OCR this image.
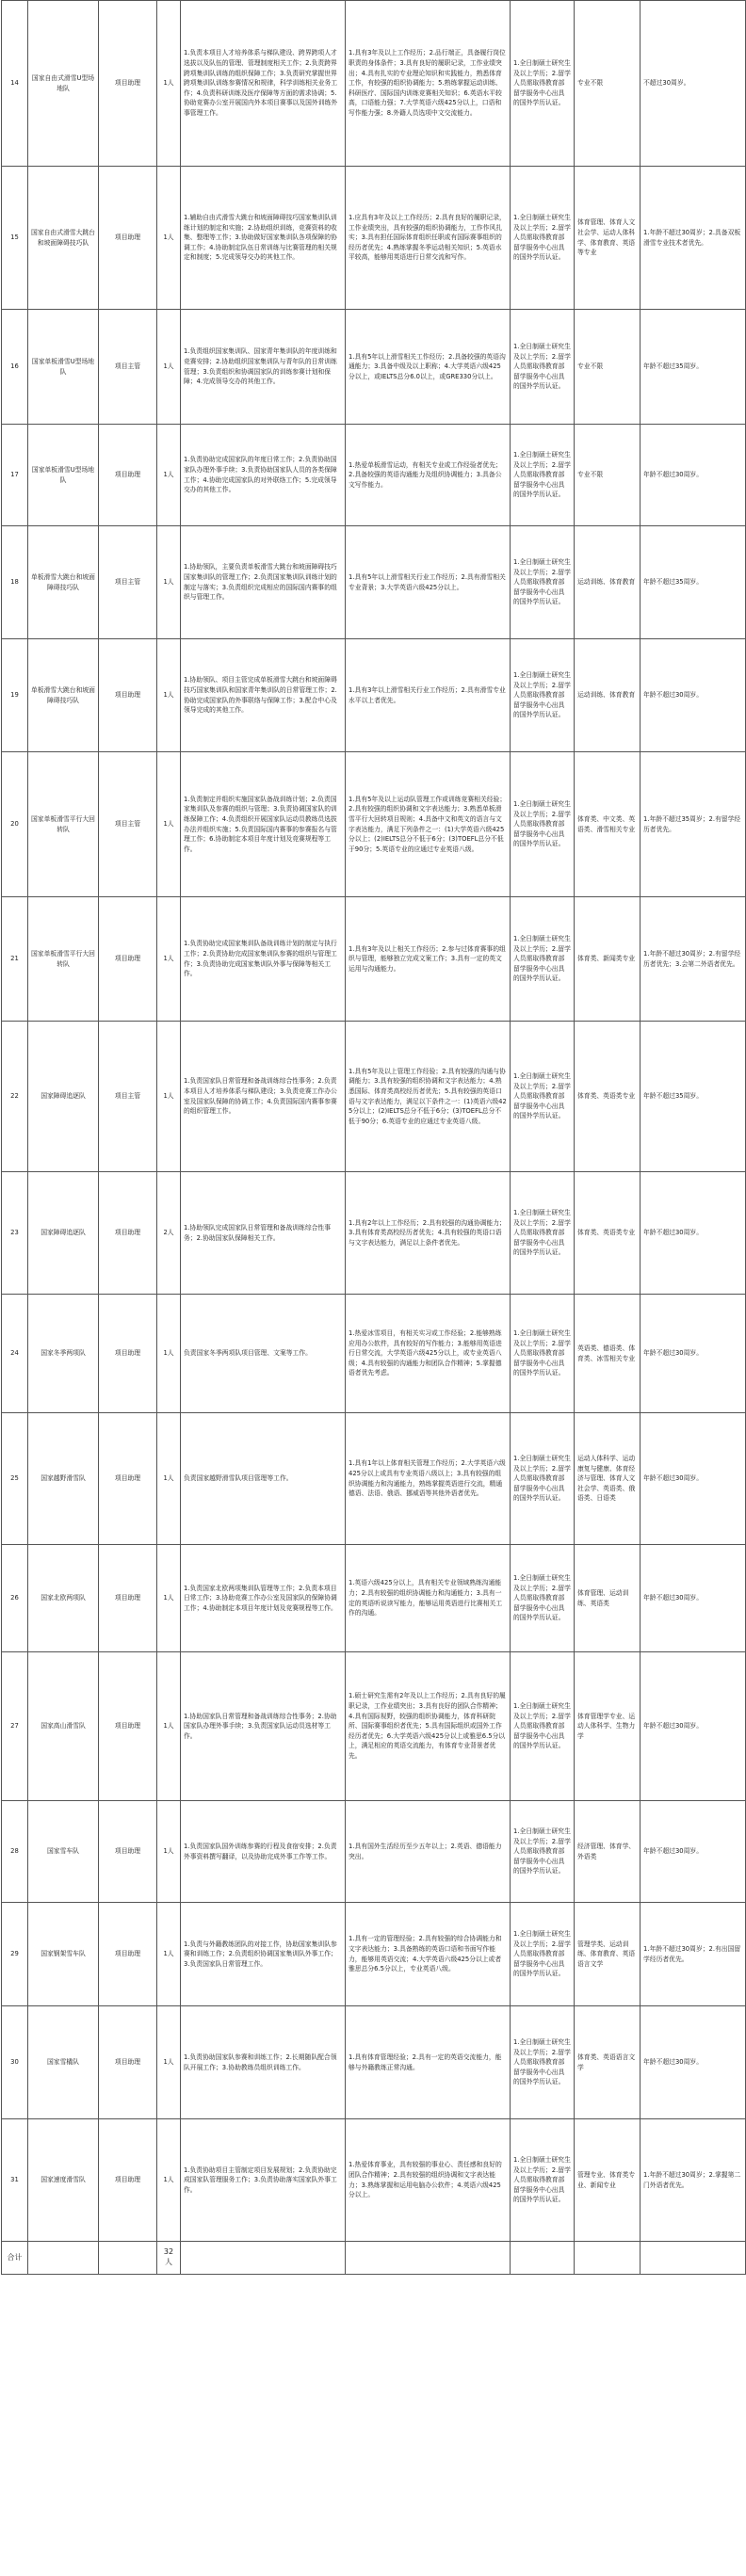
14	国家自由式滑雪U型场地队	项目助理	1人	1.负责本项目人才培养体系与梯队建设、跨界跨项人才选拔以及队伍的管理、管理制度相关工作；2.负责跨界跨项集训队训练的组织保障工作；3.负责研究掌握世界跨项集训队训练参赛情况和规律，科学训练相关业务工作；4.负责科研训练及医疗保障等方面的需求协调；5.协助竞赛办公室开展国内外本项目赛事以及国外训练外事管理工作。	1.具有3年及以上工作经历；2.品行端正，具备履行岗位职责的身体条件；3.具有良好的履职记录，工作业绩突出；4.具有扎实的专业理论知识和实践能力，熟悉体育工作，有较强的组织协调能力；5.熟练掌握运动训练、科研医疗、国际国内训练竞赛相关知识；6.英语水平较高，口语能力强；7.大学英语六级425分以上，口语和写作能力强；8.外籍人员选项中文交流能力。	1.全日制硕士研究生及以上学历；2.留学人员需取得教育部留学服务中心出具的国外学历认证。	专业不限	不超过30周岁。
15	国家自由式滑雪大跳台和坡面障碍技巧队	项目助理	1人	1.辅助自由式滑雪大跳台和坡面障碍技巧国家集训队训练计划的制定和实施；2.协助组织训练，竞赛资料的收集、整理等工作；3.协助做好国家集训队各项保障的协调工作；4.协助制定队伍日常训练与比赛管理的相关规定和制度；5.完成领导交办的其他工作。	1.应具有3年及以上工作经历；2.具有良好的履职记录，工作业绩突出，具有较强的组织协调能力，工作作风扎实；3.具有担任国际体育组织任职或有国际赛事组织的经历者优先；4.熟练掌握冬季运动相关知识；5.英语水平较高，能够用英语进行日常交流和写作。	1.全日制硕士研究生及以上学历；2.留学人员需取得教育部留学服务中心出具的国外学历认证。	体育管理、体育人文社会学、运动人体科学、体育教育、英语等专业	1.年龄不超过30周岁；2.具备双板滑雪专业技术者优先。
16	国家单板滑雪U型场地队	项目主管	1人	1.负责组织国家集训队、国家青年集训队的年度训练和竞赛安排；2.协助组织国家集训队与青年队的日常训练管理；3.负责组织和协调国家队的训练参赛计划和保障；4.完成领导交办的其他工作。	1.具有5年以上滑雪相关工作经历；2.具备较强的英语沟通能力；3.具备中级及以上职称；4.大学英语六级425分以上，或IELTS总分6.0以上，或GRE330分以上。	1.全日制硕士研究生及以上学历；2.留学人员需取得教育部留学服务中心出具的国外学历认证。	专业不限	年龄不超过35周岁。
17	国家单板滑雪U型场地队	项目助理	1人	1.负责协助完成国家队的年度日常工作；2.负责协助国家队办理外事手续；3.负责协助国家队人员的各类保障工作；4.协助完成国家队的对外联络工作；5.完成领导交办的其他工作。	1.热爱单板滑雪运动，有相关专业或工作经验者优先；2.具备较强的英语沟通能力及组织协调能力；3.具备公文写作能力。	1.全日制硕士研究生及以上学历；2.留学人员需取得教育部留学服务中心出具的国外学历认证。	专业不限	年龄不超过30周岁。
18	单板滑雪大跳台和坡面障碍技巧队	项目主管	1人	1.协助领队，主要负责单板滑雪大跳台和坡面障碍技巧国家集训队的管理工作；2.负责国家集训队训练计划的制定与落实；3.负责组织完成相应的国际国内赛事的组织与管理工作。	1.具有5年以上滑雪相关行业工作经历；2.具有滑雪相关专业背景；3.大学英语六级425分以上。	1.全日制硕士研究生及以上学历；2.留学人员需取得教育部留学服务中心出具的国外学历认证。	运动训练、体育教育	年龄不超过35周岁。
19	单板滑雪大跳台和坡面障碍技巧队	项目助理	1人	1.协助领队、项目主管完成单板滑雪大跳台和坡面障碍技巧国家集训队和国家青年集训队的日常管理工作；2.协助完成国家队的外事联络与保障工作；3.配合中心及领导完成的其他工作。	1.具有3年以上滑雪相关行业工作经历；2.具有滑雪专业水平以上者优先。	1.全日制硕士研究生及以上学历；2.留学人员需取得教育部留学服务中心出具的国外学历认证。	运动训练、体育教育	年龄不超过30周岁。
20	国家单板滑雪平行大回转队	项目主管	1人	1.负责制定并组织实施国家队备战训练计划；2.负责国家集训队及参赛的组织与管理；3.负责协调国家队的训练保障工作；4.负责组织开展国家队运动员教练员选拔办法并组织实施；5.负责国际国内赛事的参赛报名与管理工作；6.协助制定本项目年度计划及竞赛规程等工作。	1.具有5年及以上运动队管理工作或训练竞赛相关经验；2.具有较强的组织协调和文字表达能力；3.熟悉单板滑雪平行大回转项目规则；4.具备中文和英文的语言与文字表达能力，满足下列条件之一：(1)大学英语六级425分以上；(2)IELTS总分不低于6分；(3)TOEFL总分不低于90分；5.英语专业的应通过专业英语八级。	1.全日制硕士研究生及以上学历；2.留学人员需取得教育部留学服务中心出具的国外学历认证。	体育类、中文类、英语类、滑雪相关专业	1.年龄不超过35周岁；2.有留学经历者优先。
21	国家单板滑雪平行大回转队	项目助理	1人	1.负责协助完成国家集训队备战训练计划的制定与执行工作；2.负责协助完成国家集训队参赛的组织与管理工作；3.负责协助完成国家集训队外事与保障等相关工作。	1.具有3年及以上相关工作经历；2.参与过体育赛事的组织与管理，能够独立完成文案工作；3.具有一定的英文运用与沟通能力。	1.全日制硕士研究生及以上学历；2.留学人员需取得教育部留学服务中心出具的国外学历认证。	体育类、新闻类专业	1.年龄不超过30周岁；2.有留学经历者优先；3.会第二外语者优先。
22	国家障碍追逐队	项目主管	1人	1.负责国家队日常管理和备战训练综合性事务；2.负责本项目人才培养体系与梯队建设；3.负责竞赛工作办公室及国家队保障的协调工作；4.负责国际国内赛事参赛的组织管理工作。	1.具有5年及以上管理工作经验；2.具有较强的沟通与协调能力；3.具有较强的组织协调和文字表达能力；4.熟悉国际、体育类高校经历者优先；5.具有较强的英语口语与文字表达能力，满足以下条件之一：(1)英语六级425分以上；(2)IELTS总分不低于6分；(3)TOEFL总分不低于90分；6.英语专业的应通过专业英语八级。	1.全日制硕士研究生及以上学历；2.留学人员需取得教育部留学服务中心出具的国外学历认证。	体育类、英语类专业	年龄不超过35周岁。
23	国家障碍追逐队	项目助理	2人	1.协助领队完成国家队日常管理和备战训练综合性事务；2.协助国家队保障相关工作。	1.具有2年以上工作经历；2.具有较强的沟通协调能力；3.具有体育类高校经历者优先；4.具有较强的英语口语与文字表达能力，满足以上条件者优先。	1.全日制硕士研究生及以上学历；2.留学人员需取得教育部留学服务中心出具的国外学历认证。	体育类、英语类专业	年龄不超过30周岁。
24	国家冬季两项队	项目助理	1人	负责国家冬季两项队项目管理、文案等工作。	1.热爱冰雪项目，有相关实习或工作经验；2.能够熟练应用办公软件，具有较好的写作能力；3.能够用英语进行日常交流，大学英语六级425分以上，或专业英语八级；4.具有较强的沟通能力和团队合作精神；5.掌握德语者优先考虑。	1.全日制硕士研究生及以上学历；2.留学人员需取得教育部留学服务中心出具的国外学历认证。	英语类、德语类、体育类、冰雪相关专业	年龄不超过30周岁。
25	国家越野滑雪队	项目助理	1人	负责国家越野滑雪队项目管理等工作。	1.具有1年以上体育相关管理工作经历；2.大学英语六级425分以上或具有专业英语八级以上；3.具有较强的组织协调能力和沟通能力，熟练掌握英语进行交流，精通德语、法语、俄语、挪威语等其他外语者优先。	1.全日制硕士研究生及以上学历；2.留学人员需取得教育部留学服务中心出具的国外学历认证。	运动人体科学、运动康复与健康、体育经济与管理、体育人文社会学、英语类、俄语类、日语类	年龄不超过30周岁。
26	国家北欧两项队	项目助理	1人	1.负责国家北欧两项集训队管理等工作；2.负责本项目日常工作；3.协助竞赛工作办公室及国家队的保障协调工作；4.协助制定本项目年度计划及竞赛规程等工作。	1.英语六级425分以上，具有相关专业领域熟练沟通能力；2.具有较强的组织协调能力和沟通能力；3.具有一定的英语听说读写能力，能够运用英语进行比赛相关工作的沟通。	1.全日制硕士研究生及以上学历；2.留学人员需取得教育部留学服务中心出具的国外学历认证。	体育管理、运动训练、英语类	年龄不超过30周岁。
27	国家高山滑雪队	项目助理	1人	1.协助国家队日常管理和备战训练综合性事务；2.协助国家队办理外事手续；3.负责国家队运动员选材等工作。	1.硕士研究生需有2年及以上工作经历；2.具有良好的履职记录，工作业绩突出；3.具有良好的团队合作精神；4.具有国际视野，较强的组织协调能力，体育科研院所、国际赛事组织者优先；5.具有国际组织或国外工作经历者优先；6.大学英语六级425分以上或雅思6.5分以上，满足相应的英语交流能力，有体育专业背景者优先。	1.全日制硕士研究生及以上学历；2.留学人员需取得教育部留学服务中心出具的国外学历认证。	体育管理学专业、运动人体科学、生物力学	年龄不超过30周岁。
28	国家雪车队	项目助理	1人	1.负责国家队国外训练参赛的行程及食宿安排；2.负责外事资料撰写翻译，以及协助完成外事工作等工作。	1.具有国外生活经历至少五年以上；2.英语、德语能力突出。	1.全日制硕士研究生及以上学历；2.留学人员需取得教育部留学服务中心出具的国外学历认证。	经济管理、体育学、外语类	年龄不超过30周岁。
29	国家钢架雪车队	项目助理	1人	1.负责与外籍教练团队的对接工作，协助国家集训队参赛和训练工作；2.负责组织协调国家集训队外事工作；3.负责国家队日常管理工作。	1.具有一定的管理经验；2.具有较强的综合协调能力和文字表达能力；3.具备熟练的英语口语和书面写作能力，能够用英语交流；4.大学英语六级425分以上或者雅思总分6.5分以上，专业英语八级。	1.全日制硕士研究生及以上学历；2.留学人员需取得教育部留学服务中心出具的国外学历认证。	管理学类、运动训练、体育教育、英语语言文学	1.年龄不超过30周岁；2.有出国留学经历者优先。
30	国家雪橇队	项目助理	1人	1.负责协助国家队参赛和训练工作；2.长期随队配合领队开展工作；3.协助教练员组织训练工作。	1.具有体育管理经验；2.具有一定的英语交流能力，能够与外籍教练正常沟通。	1.全日制硕士研究生及以上学历；2.留学人员需取得教育部留学服务中心出具的国外学历认证。	体育类、英语语言文学	年龄不超过30周岁。
31	国家速度滑雪队	项目助理	1人	1.负责协助项目主管制定项目发展规划；2.负责协助完成国家队管理服务工作；3.负责协助落实国家队外事工作。	1.热爱体育事业，具有较强的事业心、责任感和良好的团队合作精神；2.具有较强的组织协调和文字表达能力；3.熟练掌握和运用电脑办公软件；4.英语六级425分以上。	1.全日制硕士研究生及以上学历；2.留学人员需取得教育部留学服务中心出具的国外学历认证。	管理专业、体育类专业、新闻专业	1.年龄不超过30周岁；2.掌握第二门外语者优先。
合计			32人					
